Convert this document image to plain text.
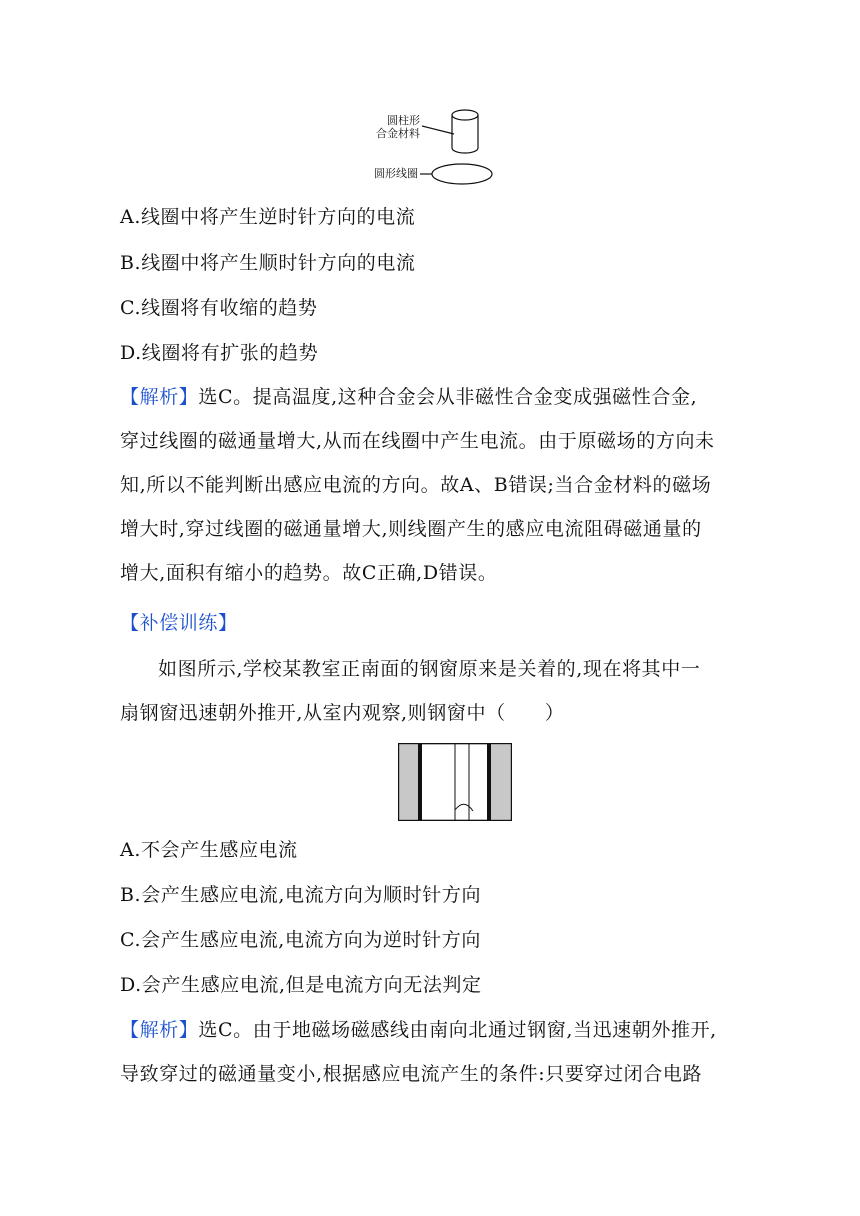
圆柱形
合金材料
圆形线圈
A.线圈中将产生逆时针方向的电流
B.线圈中将产生顺时针方向的电流
C.线圈将有收缩的趋势
D.线圈将有扩张的趋势
【解析】选C。提高温度,这种合金会从非磁性合金变成强磁性合金,
穿过线圈的磁通量增大,从而在线圈中产生电流。由于原磁场的方向未
知,所以不能判断出感应电流的方向。故A、B错误;当合金材料的磁场
增大时,穿过线圈的磁通量增大,则线圈产生的感应电流阻碍磁通量的
增大,面积有缩小的趋势。故C正确,D错误。
【补偿训练】
如图所示,学校某教室正南面的钢窗原来是关着的,现在将其中一
扇钢窗迅速朝外推开,从室内观察,则钢窗中（　　）
A.不会产生感应电流
B.会产生感应电流,电流方向为顺时针方向
C.会产生感应电流,电流方向为逆时针方向
D.会产生感应电流,但是电流方向无法判定
【解析】选C。由于地磁场磁感线由南向北通过钢窗,当迅速朝外推开,
导致穿过的磁通量变小,根据感应电流产生的条件:只要穿过闭合电路
